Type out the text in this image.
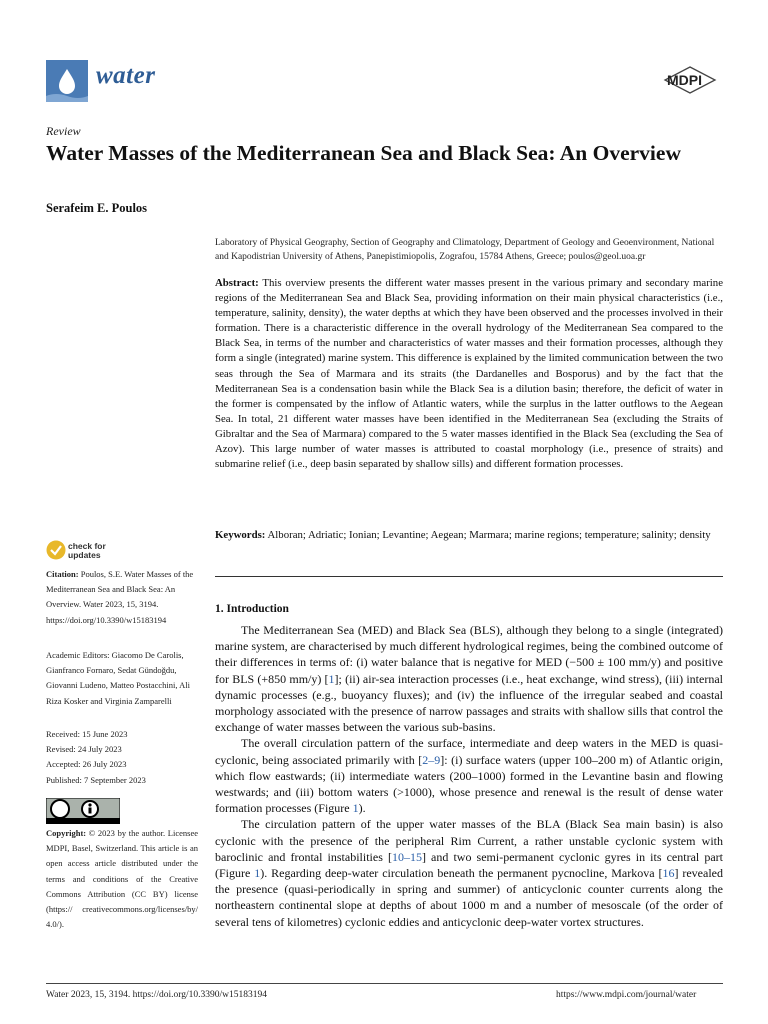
water	MDPI
Review
Water Masses of the Mediterranean Sea and Black Sea: An Overview
Serafeim E. Poulos
Laboratory of Physical Geography, Section of Geography and Climatology, Department of Geology and Geoenvironment, National and Kapodistrian University of Athens, Panepistimiopolis, Zografou, 15784 Athens, Greece; poulos@geol.uoa.gr
Abstract: This overview presents the different water masses present in the various primary and secondary marine regions of the Mediterranean Sea and Black Sea, providing information on their main physical characteristics (i.e., temperature, salinity, density), the water depths at which they have been observed and the processes involved in their formation. There is a characteristic difference in the overall hydrology of the Mediterranean Sea compared to the Black Sea, in terms of the number and characteristics of water masses and their formation processes, although they form a single (integrated) marine system. This difference is explained by the limited communication between the two seas through the Sea of Marmara and its straits (the Dardanelles and Bosporus) and by the fact that the Mediterranean Sea is a condensation basin while the Black Sea is a dilution basin; therefore, the deficit of water in the former is compensated by the inflow of Atlantic waters, while the surplus in the latter outflows to the Aegean Sea. In total, 21 different water masses have been identified in the Mediterranean Sea (excluding the Straits of Gibraltar and the Sea of Marmara) compared to the 5 water masses identified in the Black Sea (excluding the Sea of Azov). This large number of water masses is attributed to coastal morphology (i.e., presence of straits) and submarine relief (i.e., deep basin separated by shallow sills) and different formation processes.
Keywords: Alboran; Adriatic; Ionian; Levantine; Aegean; Marmara; marine regions; temperature; salinity; density
check for updates
Citation: Poulos, S.E. Water Masses of the Mediterranean Sea and Black Sea: An Overview. Water 2023, 15, 3194. https://doi.org/10.3390/w15183194
Academic Editors: Giacomo De Carolis, Gianfranco Fornaro, Sedat Gündoğdu, Giovanni Ludeno, Matteo Postacchini, Ali Riza Kosker and Virginia Zamparelli
Received: 15 June 2023
Revised: 24 July 2023
Accepted: 26 July 2023
Published: 7 September 2023
Copyright: © 2023 by the author. Licensee MDPI, Basel, Switzerland. This article is an open access article distributed under the terms and conditions of the Creative Commons Attribution (CC BY) license (https:// creativecommons.org/licenses/by/ 4.0/).
1. Introduction

The Mediterranean Sea (MED) and Black Sea (BLS), although they belong to a single (integrated) marine system, are characterised by much different hydrological regimes, being the combined outcome of their differences in terms of: (i) water balance that is negative for MED (−500 ± 100 mm/y) and positive for BLS (+850 mm/y) [1]; (ii) air-sea interaction processes (i.e., heat exchange, wind stress), (iii) internal dynamic processes (e.g., buoyancy fluxes); and (iv) the influence of the irregular seabed and coastal morphology associated with the presence of narrow passages and straits with shallow sills that control the exchange of water masses between the various sub-basins.

The overall circulation pattern of the surface, intermediate and deep waters in the MED is quasi-cyclonic, being associated primarily with [2–9]: (i) surface waters (upper 100–200 m) of Atlantic origin, which flow eastwards; (ii) intermediate waters (200–1000) formed in the Levantine basin and flowing westwards; and (iii) bottom waters (>1000), whose presence and renewal is the result of dense water formation processes (Figure 1).

The circulation pattern of the upper water masses of the BLA (Black Sea main basin) is also cyclonic with the presence of the peripheral Rim Current, a rather unstable cyclonic system with baroclinic and frontal instabilities [10–15] and two semi-permanent cyclonic gyres in its central part (Figure 1). Regarding deep-water circulation beneath the permanent pycnocline, Markova [16] revealed the presence (quasi-periodically in spring and summer) of anticyclonic counter currents along the northeastern continental slope at depths of about 1000 m and a number of mesoscale (of the order of several tens of kilometres) cyclonic eddies and anticyclonic deep-water vortex structures.

Water 2023, 15, 3194. https://doi.org/10.3390/w15183194	https://www.mdpi.com/journal/water
